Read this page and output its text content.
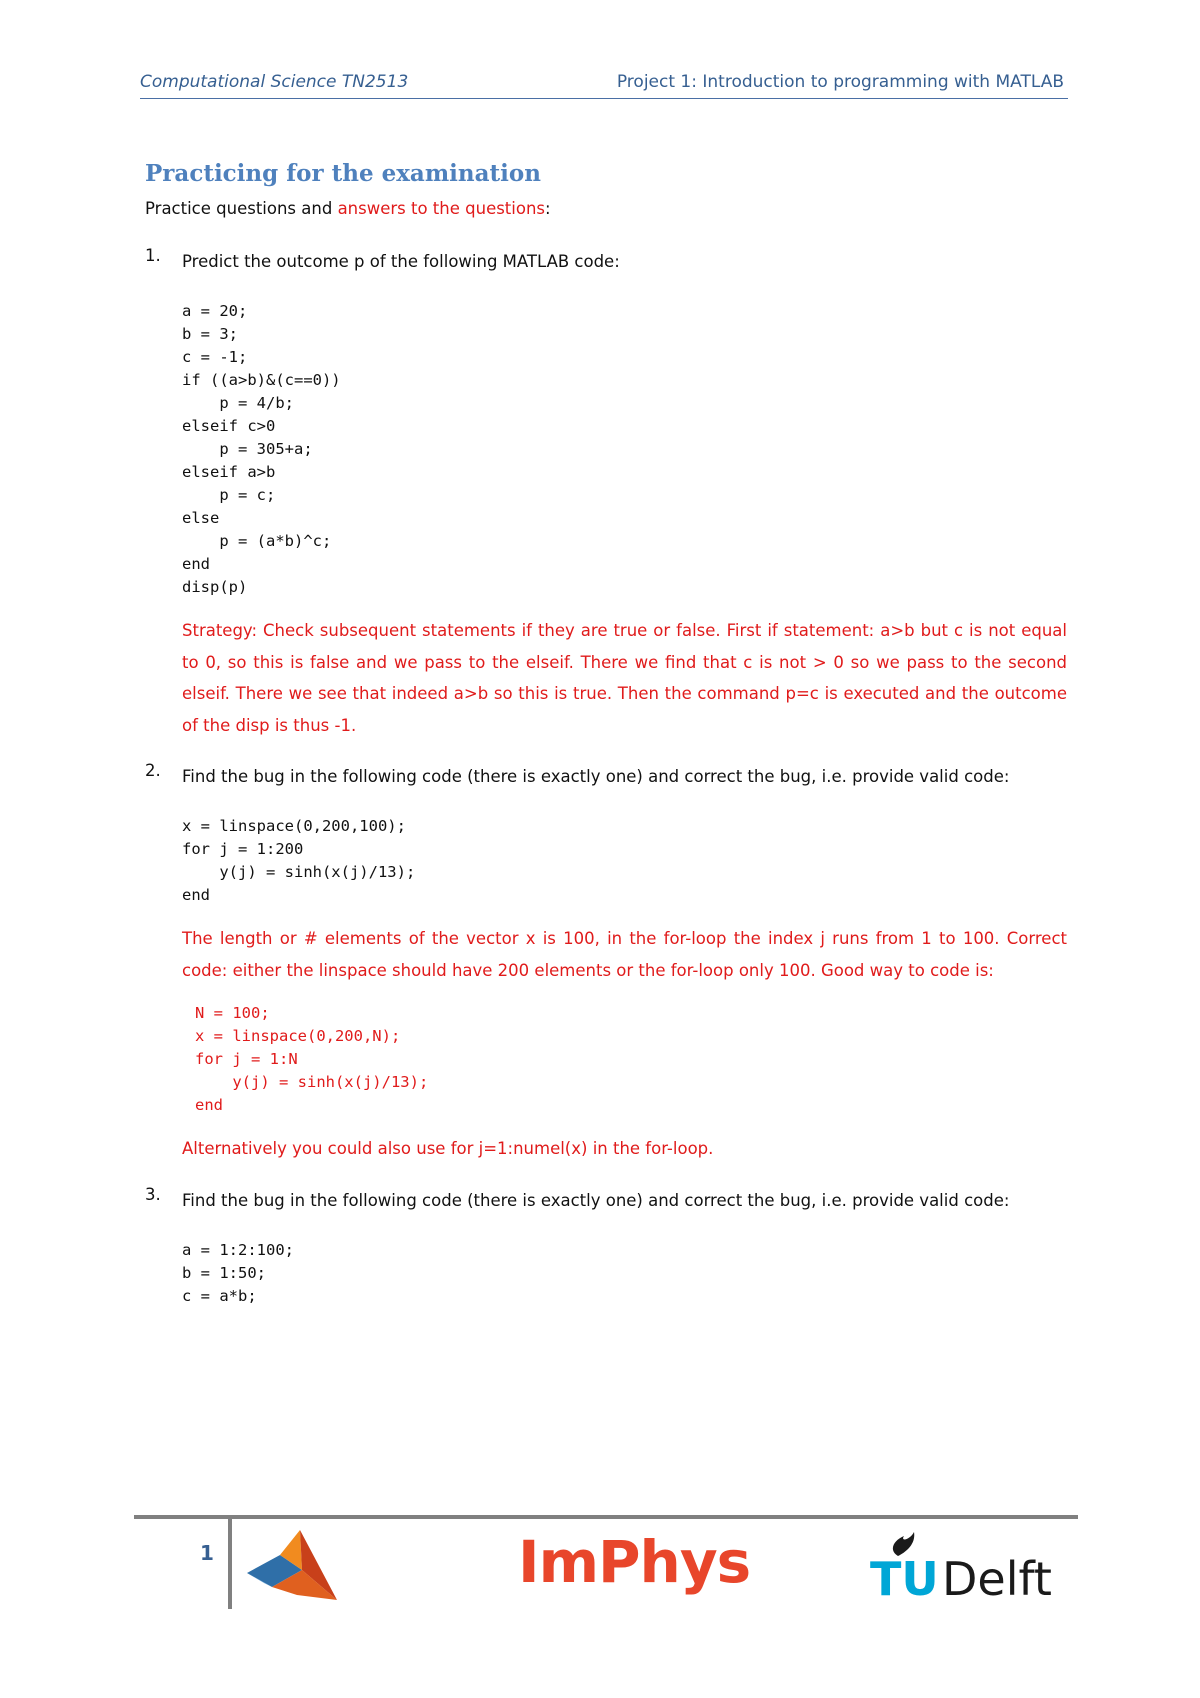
Computational Science TN2513	Project 1: Introduction to programming with MATLAB
Practicing for the examination

Practice questions and answers to the questions:

1. Predict the outcome p of the following MATLAB code:
a = 20;
b = 3;
c = -1;
if ((a>b)&(c==0))
p = 4/b;
elseif c>0
p = 305+a;
elseif a>b
p = c;
else
p = (a*b)^c;
end
disp(p)

Strategy: Check subsequent statements if they are true or false. First if statement: a>b but c is not equal to 0, so this is false and we pass to the elseif. There we find that c is not > 0 so we pass to the second elseif. There we see that indeed a>b so this is true. Then the command p=c is executed and the outcome of the disp is thus -1.

2. Find the bug in the following code (there is exactly one) and correct the bug, i.e. provide valid code:
x = linspace(0,200,100);
for j = 1:200
y(j) = sinh(x(j)/13);
end

The length or # elements of the vector x is 100, in the for-loop the index j runs from 1 to 100. Correct code: either the linspace should have 200 elements or the for-loop only 100. Good way to code is:

N = 100;
x = linspace(0,200,N);
for j = 1:N
y(j) = sinh(x(j)/13);
end

Alternatively you could also use for j=1:numel(x) in the for-loop.

3. Find the bug in the following code (there is exactly one) and correct the bug, i.e. provide valid code:
a = 1:2:100;
b = 1:50;
c = a*b;
1	ImPhys	TU Delft
